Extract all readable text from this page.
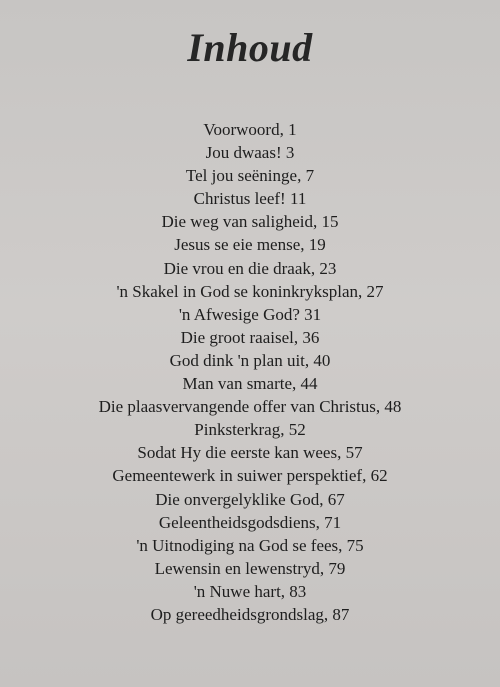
Inhoud
Voorwoord, 1
Jou dwaas! 3
Tel jou seëninge, 7
Christus leef! 11
Die weg van saligheid, 15
Jesus se eie mense, 19
Die vrou en die draak, 23
'n Skakel in God se koninkryksplan, 27
'n Afwesige God? 31
Die groot raaisel, 36
God dink 'n plan uit, 40
Man van smarte, 44
Die plaasvervangende offer van Christus, 48
Pinksterkrag, 52
Sodat Hy die eerste kan wees, 57
Gemeentewerk in suiwer perspektief, 62
Die onvergelyklike God, 67
Geleentheidsgodsdiens, 71
'n Uitnodiging na God se fees, 75
Lewensin en lewenstryd, 79
'n Nuwe hart, 83
Op gereedheidsgrondslag, 87
